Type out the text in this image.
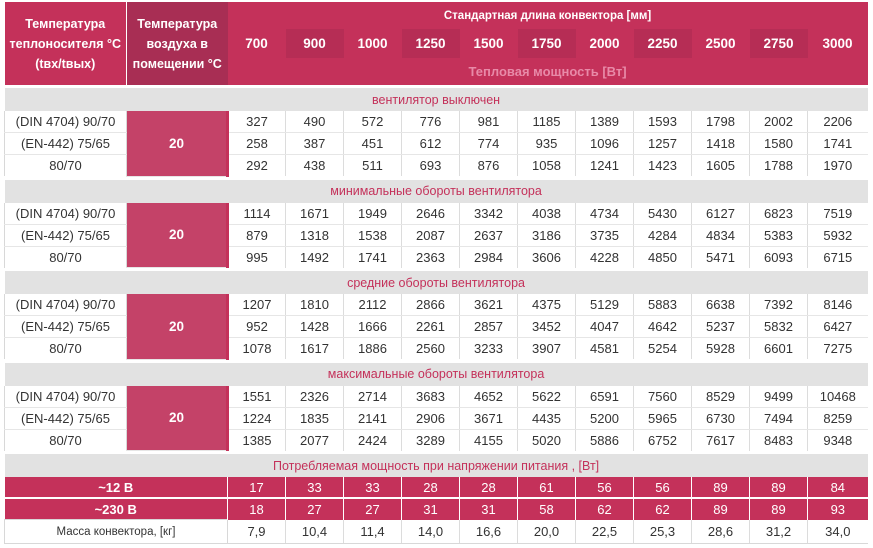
Температура теплоносителя °C (tвх/tвых)	Температура воздуха в помещении °C	Стандартная длина конвектора [мм]										
		700	900	1000	1250	1500	1750	2000	2250	2500	2750	3000
		Тепловая мощность [Вт]										

вентилятор выключен												
(DIN 4704) 90/70	20	327	490	572	776	981	1185	1389	1593	1798	2002	2206
(EN-442) 75/65		258	387	451	612	774	935	1096	1257	1418	1580	1741
80/70		292	438	511	693	876	1058	1241	1423	1605	1788	1970

минимальные обороты вентилятора												
(DIN 4704) 90/70	20	1114	1671	1949	2646	3342	4038	4734	5430	6127	6823	7519
(EN-442) 75/65		879	1318	1538	2087	2637	3186	3735	4284	4834	5383	5932
80/70		995	1492	1741	2363	2984	3606	4228	4850	5471	6093	6715

средние обороты вентилятора												
(DIN 4704) 90/70	20	1207	1810	2112	2866	3621	4375	5129	5883	6638	7392	8146
(EN-442) 75/65		952	1428	1666	2261	2857	3452	4047	4642	5237	5832	6427
80/70		1078	1617	1886	2560	3233	3907	4581	5254	5928	6601	7275

максимальные обороты вентилятора												
(DIN 4704) 90/70	20	1551	2326	2714	3683	4652	5622	6591	7560	8529	9499	10468
(EN-442) 75/65		1224	1835	2141	2906	3671	4435	5200	5965	6730	7494	8259
80/70		1385	2077	2424	3289	4155	5020	5886	6752	7617	8483	9348

Потребляемая мощность при напряжении питания , [Вт]												
~12 В		17	33	33	28	28	61	56	56	89	89	84
~230 В		18	27	27	31	31	58	62	62	89	89	93
Масса конвектора, [кг]		7,9	10,4	11,4	14,0	16,6	20,0	22,5	25,3	28,6	31,2	34,0
